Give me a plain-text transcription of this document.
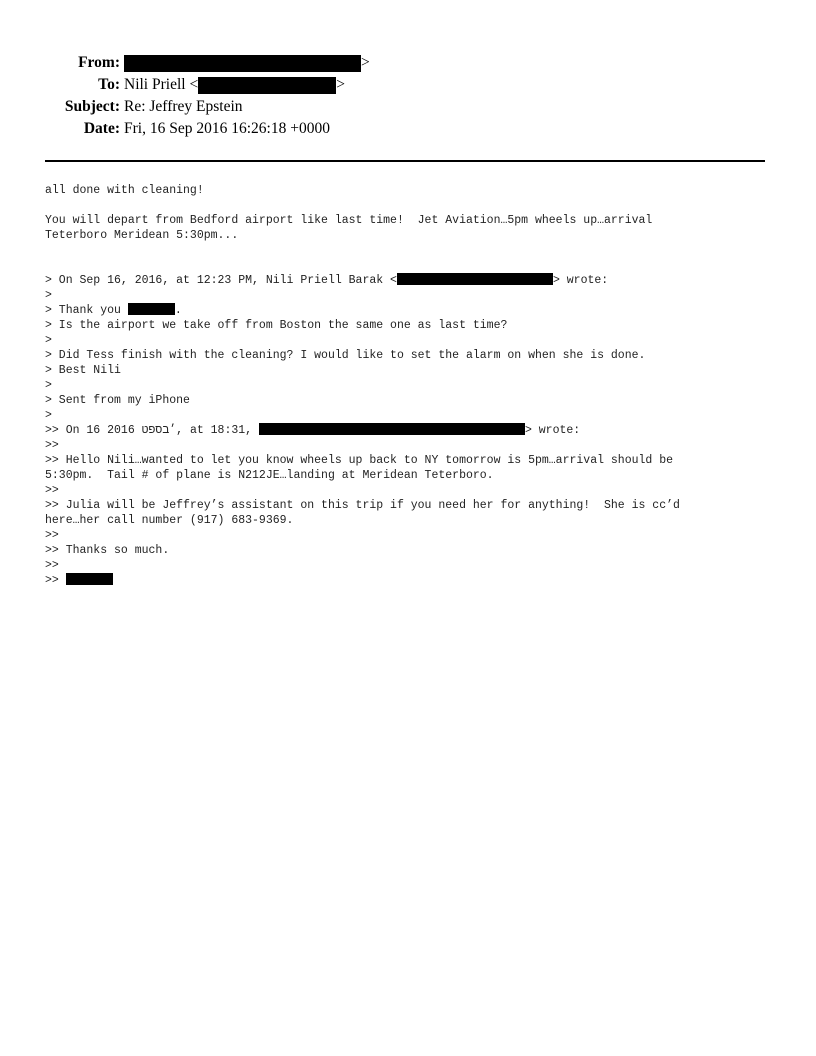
From:	>
To: Nili Priell <	>
Subject: Re: Jeffrey Epstein
Date: Fri, 16 Sep 2016 16:26:18 +0000
all done with cleaning!
You will depart from Bedford airport like last time!  Jet Aviation…5pm wheels up…arrival
Teterboro Meridean 5:30pm...
> On Sep 16, 2016, at 12:23 PM, Nili Priell Barak <	> wrote:
>
> Thank you	.
> Is the airport we take off from Boston the same one as last time?
>
> Did Tess finish with the cleaning? I would like to set the alarm on when she is done.
> Best Nili
>
> Sent from my iPhone
>
>> On 16 2016 ׳בספט, at 18:31,	> wrote:
>>
>> Hello Nili…wanted to let you know wheels up back to NY tomorrow is 5pm…arrival should be
5:30pm.  Tail # of plane is N212JE…landing at Meridean Teterboro.
>>
>> Julia will be Jeffrey’s assistant on this trip if you need her for anything!  She is cc’d
here…her call number (917) 683-9369.
>>
>> Thanks so much.
>>
>>
